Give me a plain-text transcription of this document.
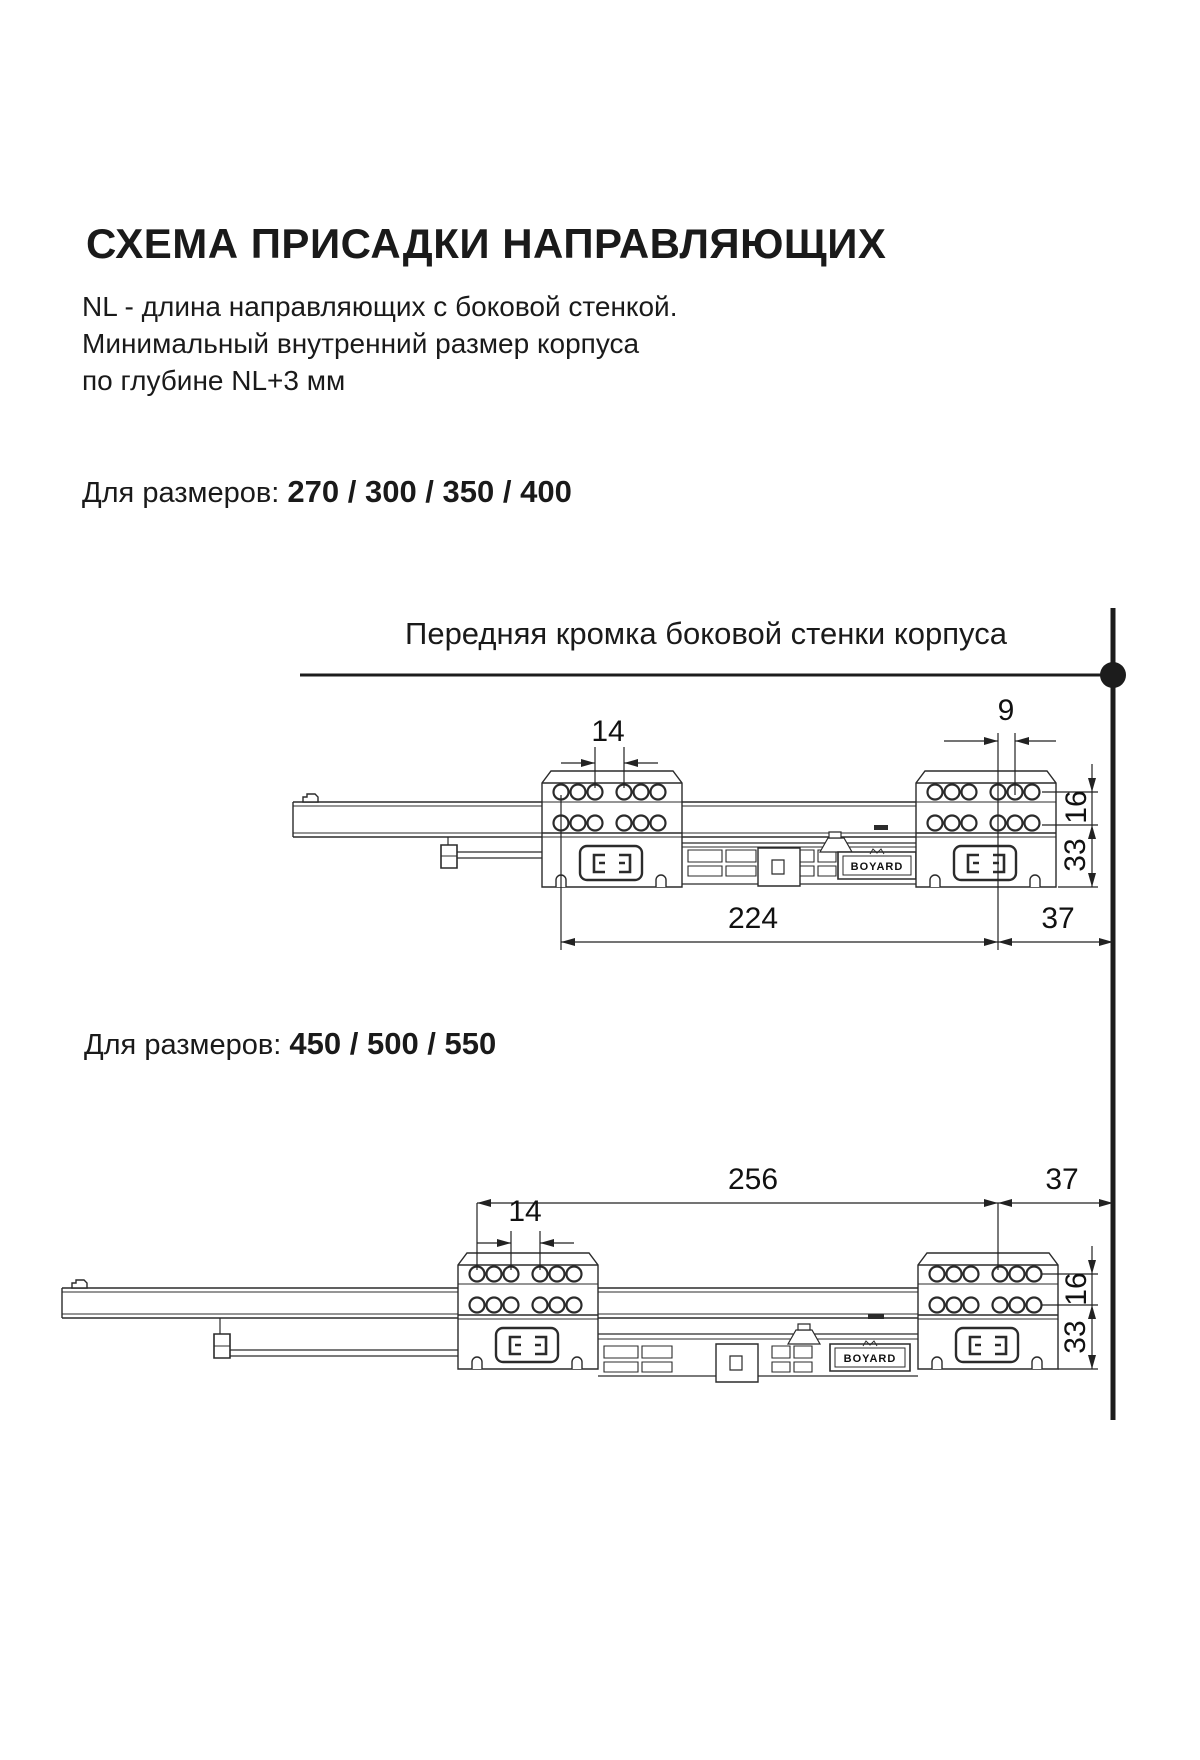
СХЕМА ПРИСАДКИ НАПРАВЛЯЮЩИХ
NL - длина направляющих с боковой стенкой.
Минимальный внутренний размер корпуса
по глубине NL+3 мм
Для размеров: 270 / 300 / 350 / 400
Для размеров: 450 / 500 / 550
Передняя кромка боковой стенки корпуса
BOYARD
BOYARD
14
9
16
33
224	37
256	37
14
16
33
